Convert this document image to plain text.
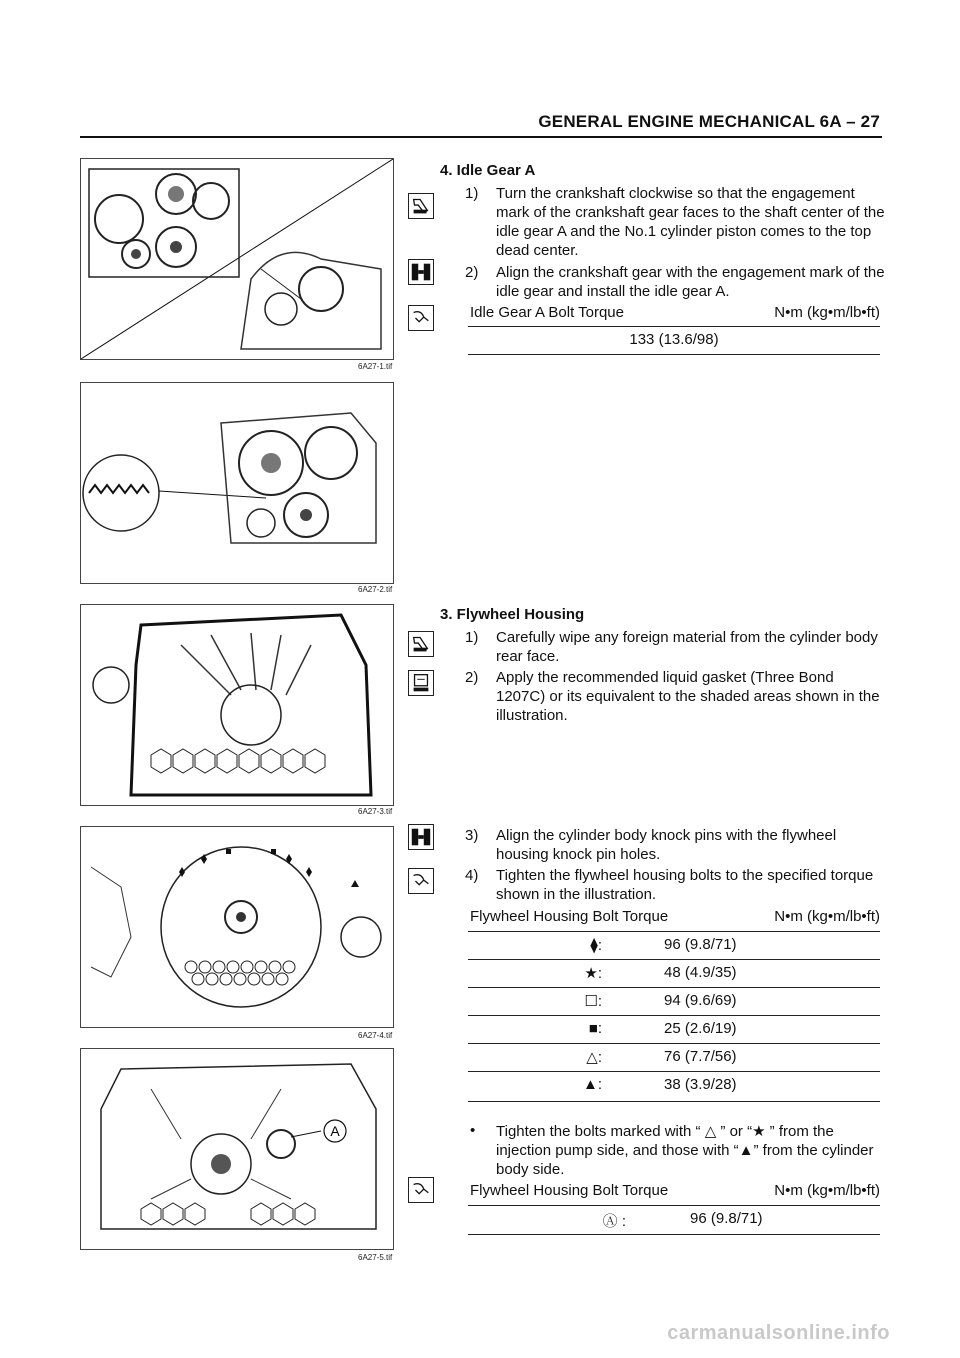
GENERAL ENGINE MECHANICAL 6A – 27
6A27-1.tif
6A27-2.tif
6A27-3.tif
6A27-4.tif
A
6A27-5.tif
4. Idle Gear A
1) Turn the crankshaft clockwise so that the engagement mark of the crankshaft gear faces to the shaft center of the idle gear A and the No.1 cylinder piston comes to the top dead center.
2) Align the crankshaft gear with the engagement mark of the idle gear and install the idle gear A.
Idle Gear A Bolt Torque	N•m (kg•m/lb•ft)
133 (13.6/98)
3. Flywheel Housing
1) Carefully wipe any foreign material from the cylinder body rear face.
2) Apply the recommended liquid gasket (Three Bond 1207C) or its equivalent to the shaded areas shown in the illustration.
3) Align the cylinder body knock pins with the flywheel housing knock pin holes.
4) Tighten the flywheel housing bolts to the specified torque shown in the illustration.
Flywheel Housing Bolt Torque	N•m (kg•m/lb•ft)
⧫:	96 (9.8/71)
★:	48 (4.9/35)
☐:	94 (9.6/69)
■:	25 (2.6/19)
△:	76 (7.7/56)
▲:	38 (3.9/28)
• Tighten the bolts marked with “ △ ” or “★ ” from the injection pump side, and those with “▲” from the cylinder body side.
Flywheel Housing Bolt Torque	N•m (kg•m/lb•ft)
Ⓐ :	96 (9.8/71)
carmanualsonline.info
